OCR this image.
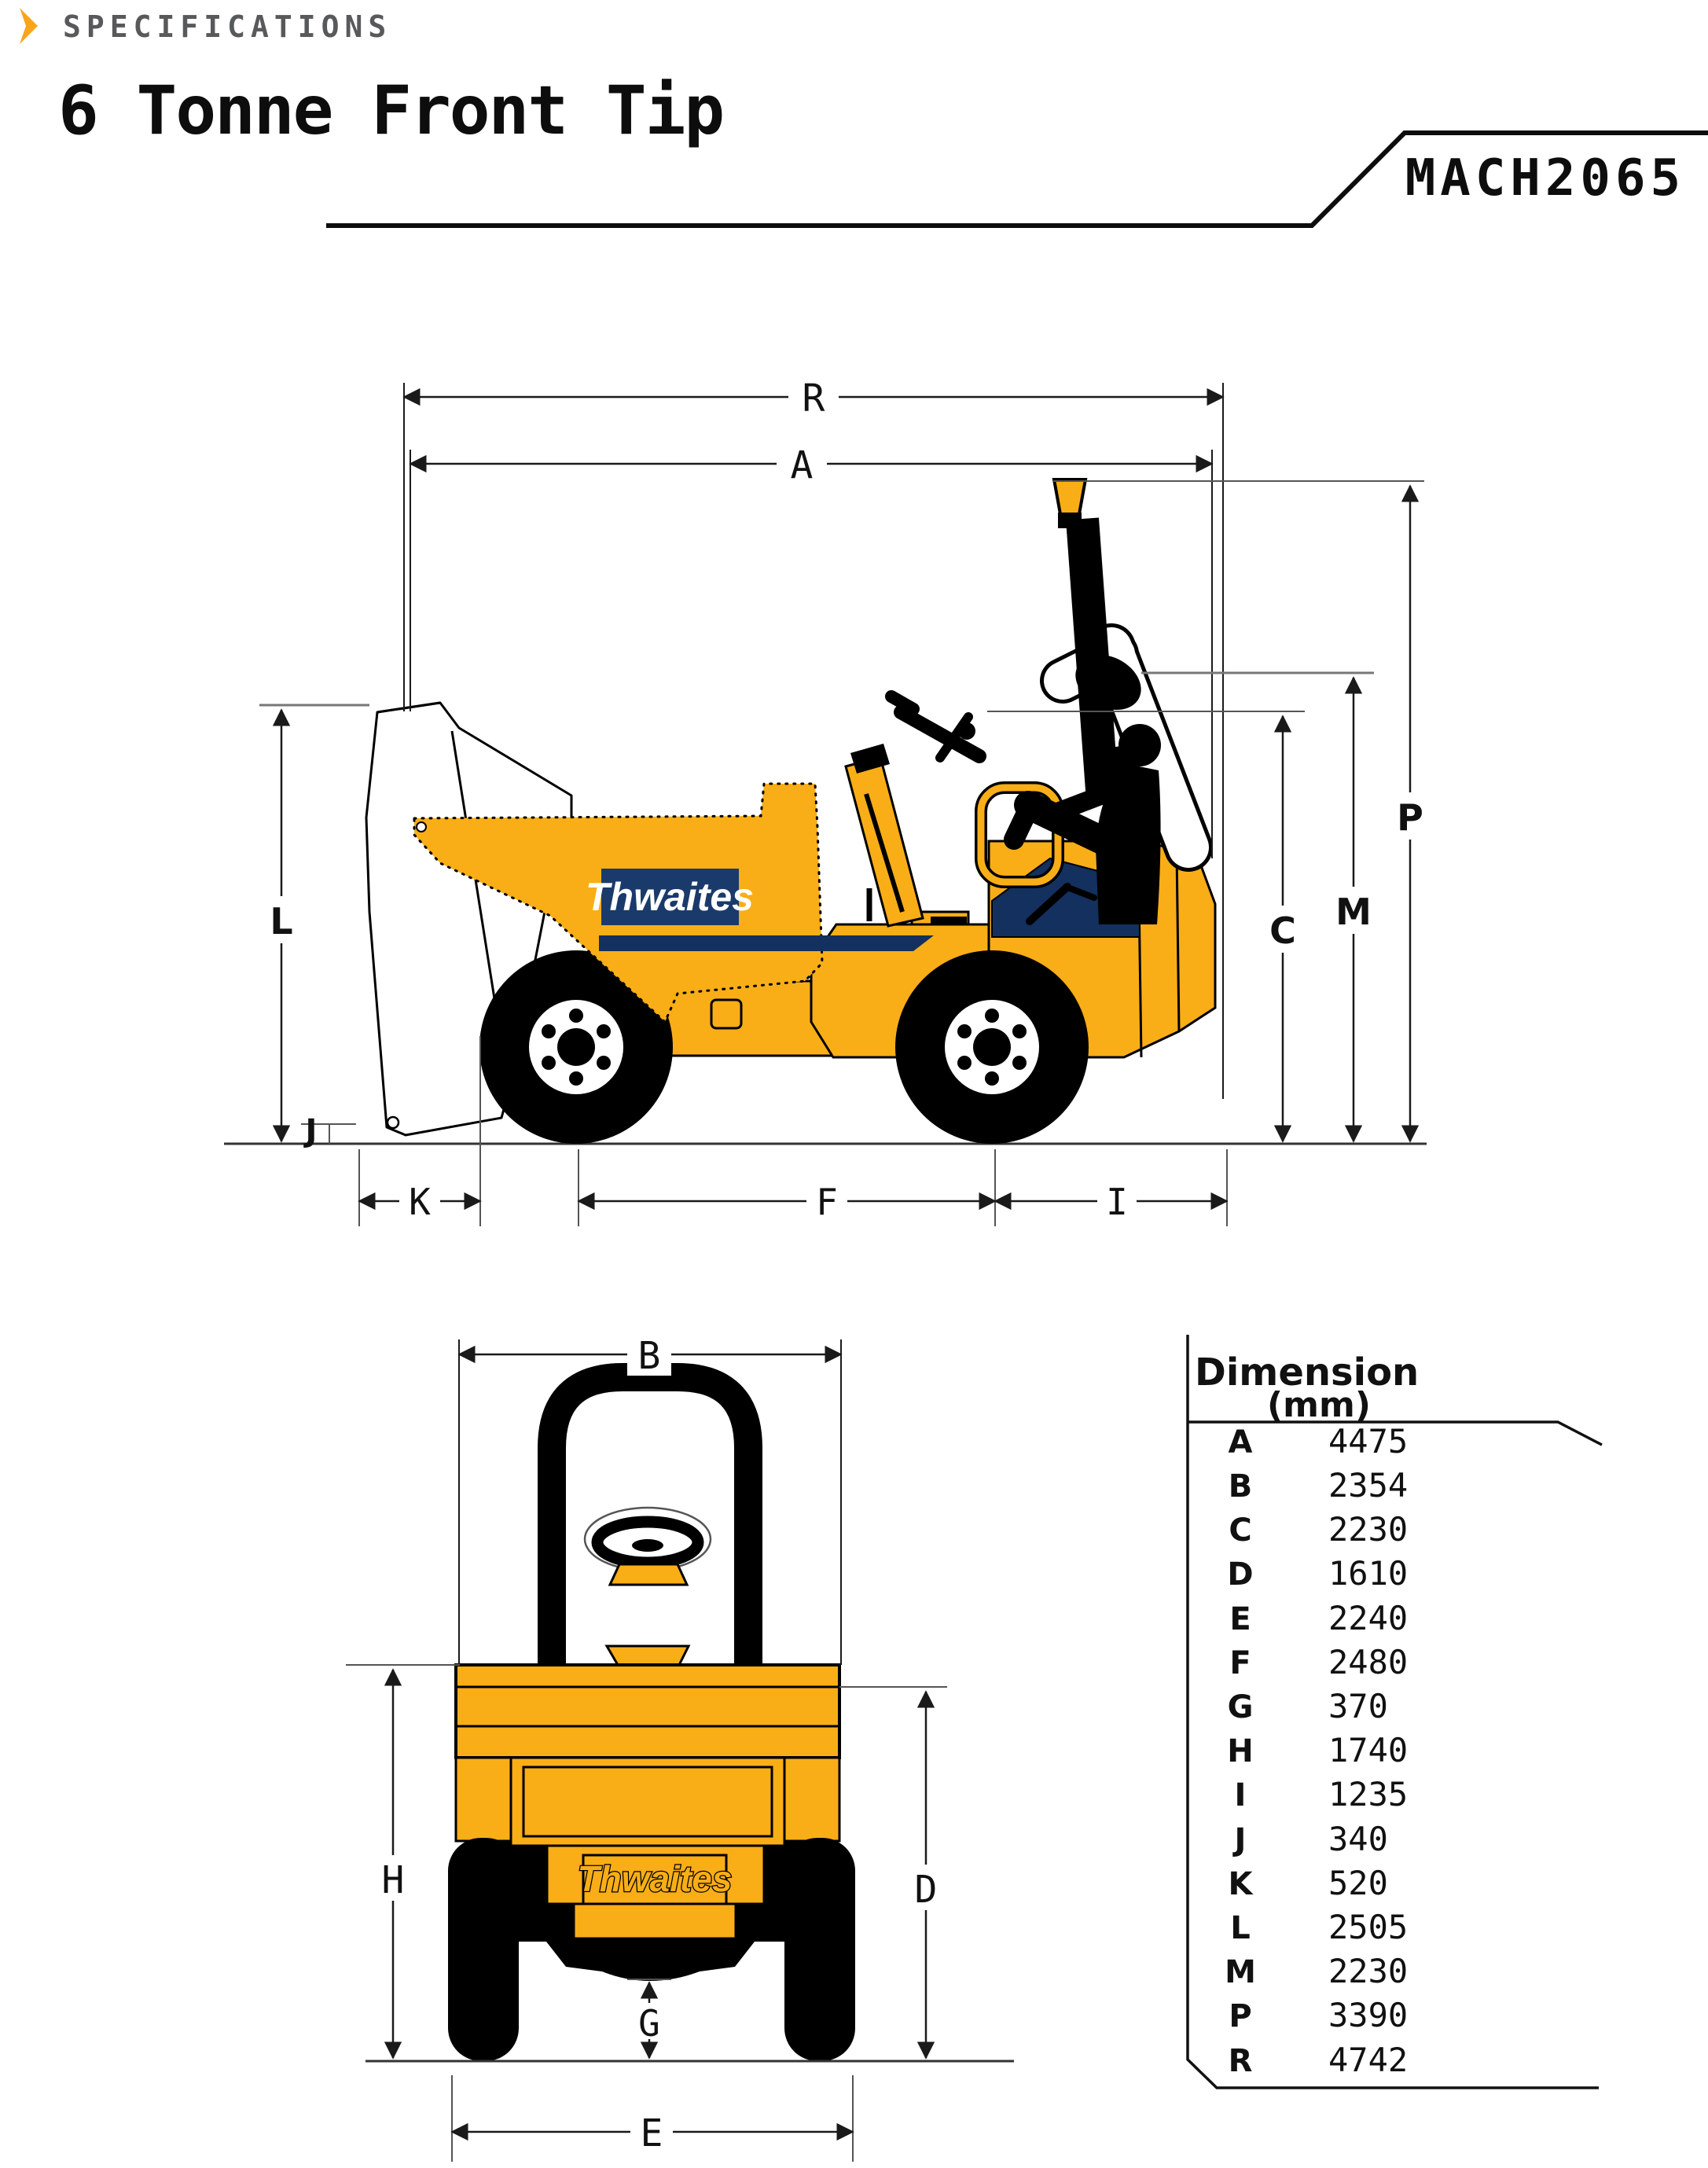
SPECIFICATIONS
6 Tonne Front Tip
MACH2065
Thwaites
R
A
P
M
C
L
J
K	F	I
Thwaites
B
H	D
G
E
Dimension
(mm)
A 4475
B 2354
C 2230
D 1610
E 2240
F 2480
G 370
H 1740
I 1235
J 340
K 520
L 2505
M 2230
P 3390
R 4742
